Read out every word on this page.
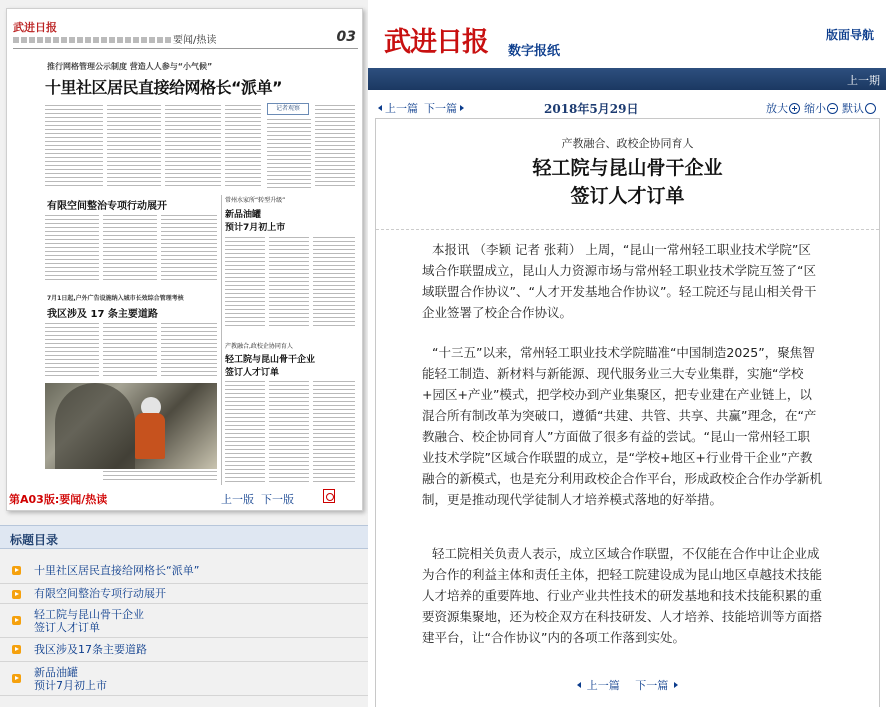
武进日报
要闻/热读	03
推行网格管理公示制度 营造人人参与“小气候”
十里社区居民直接给网格长“派单”
记者观察
有限空间整治专项行动展开
7月1日起,户外广告设施纳入城市长效综合管理考核
我区涉及 17 条主要道路
常州水家所“转型升级”
新品油罐
预计7月初上市
产教融合,政校企协同育人
轻工院与昆山骨干企业
签订人才订单
第A03版:要闻/热读	上一版 下一版
标题目录
十里社区居民直接给网格长“派单”
有限空间整治专项行动展开
轻工院与昆山骨干企业
签订人才订单
我区涉及17条主要道路
新品油罐
预计7月初上市
武进日报 数字报纸
版面导航
上一期
上一篇 下一篇	2018年5月29日	放大	缩小	默认
产教融合、政校企协同育人
轻工院与昆山骨干企业
签订人才订单

本报讯 （李颖 记者 张莉） 上周，“昆山一常州轻工职业技术学院”区域合作联盟成立，昆山人力资源市场与常州轻工职业技术学院互签了“区域联盟合作协议”、“人才开发基地合作协议”。轻工院还与昆山相关骨干企业签署了校企合作协议。

“十三五”以来，常州轻工职业技术学院瞄准“中国制造2025”，聚焦智能轻工制造、新材料与新能源、现代服务业三大专业集群，实施“学校+园区+产业”模式，把学校办到产业集聚区，把专业建在产业链上，以混合所有制改革为突破口，遵循“共建、共管、共享、共赢”理念，在“产教融合、校企协同育人”方面做了很多有益的尝试。“昆山一常州轻工职业技术学院”区域合作联盟的成立，是“学校+地区+行业骨干企业”产教融合的新模式，也是充分利用政校企合作平台，形成政校企合作办学新机制，更是推动现代学徒制人才培养模式落地的好举措。

轻工院相关负责人表示，成立区域合作联盟，不仅能在合作中让企业成为合作的利益主体和责任主体，把轻工院建设成为昆山地区卓越技术技能人才培养的重要阵地、行业产业共性技术的研发基地和技术技能积累的重要资源集聚地，还为校企双方在科技研发、人才培养、技能培训等方面搭建平台，让“合作协议”内的各项工作落到实处。

上一篇 下一篇
